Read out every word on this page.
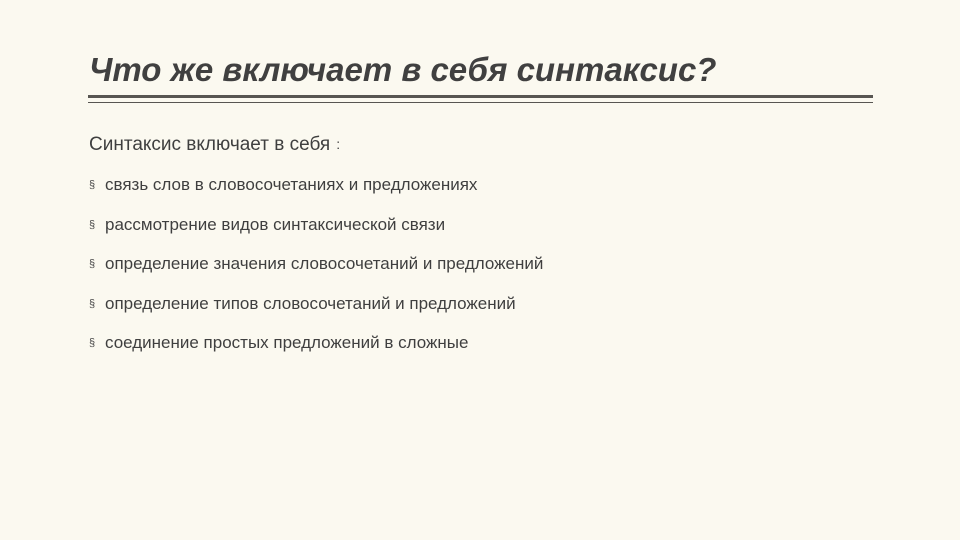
Что же включает в себя синтаксис?
Синтаксис включает в себя :
§ связь слов в словосочетаниях и предложениях
§ рассмотрение видов синтаксической связи
§ определение значения словосочетаний и предложений
§ определение типов словосочетаний и предложений
§ соединение простых предложений в сложные
